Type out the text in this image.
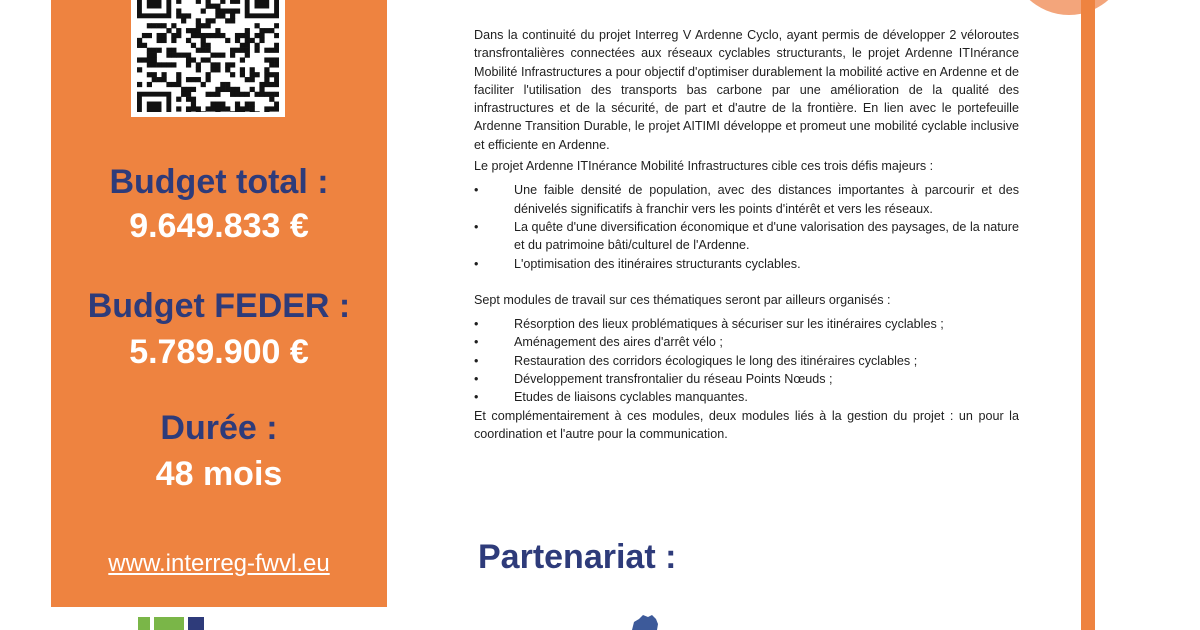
Budget total :
9.649.833 €
Budget FEDER :
5.789.900 €
Durée :
48 mois
www.interreg-fwvl.eu

Dans la continuité du projet Interreg V Ardenne Cyclo, ayant permis de développer 2 véloroutes transfrontalières connectées aux réseaux cyclables structurants, le projet Ardenne ITInérance Mobilité Infrastructures a pour objectif d'optimiser durablement la mobilité active en Ardenne et de faciliter l'utilisation des transports bas carbone par une amélioration de la qualité des infrastructures et de la sécurité, de part et d'autre de la frontière. En lien avec le portefeuille Ardenne Transition Durable, le projet AITIMI développe et promeut une mobilité cyclable inclusive et efficiente en Ardenne.

Le projet Ardenne ITInérance Mobilité Infrastructures cible ces trois défis majeurs :

•	Une faible densité de population, avec des distances importantes à parcourir et des dénivelés significatifs à franchir vers les points d'intérêt et vers les réseaux.
•	La quête d'une diversification économique et d'une valorisation des paysages, de la nature et du patrimoine bâti/culturel de l'Ardenne.
•	L'optimisation des itinéraires structurants cyclables.

Sept modules de travail sur ces thématiques seront par ailleurs organisés :

•	Résorption des lieux problématiques à sécuriser sur les itinéraires cyclables ;
•	Aménagement des aires d'arrêt vélo ;
•	Restauration des corridors écologiques le long des itinéraires cyclables ;
•	Développement transfrontalier du réseau Points Nœuds ;
•	Etudes de liaisons cyclables manquantes.

Et complémentairement à ces modules, deux modules liés à la gestion du projet : un pour la coordination et l'autre pour la communication.

Partenariat :
